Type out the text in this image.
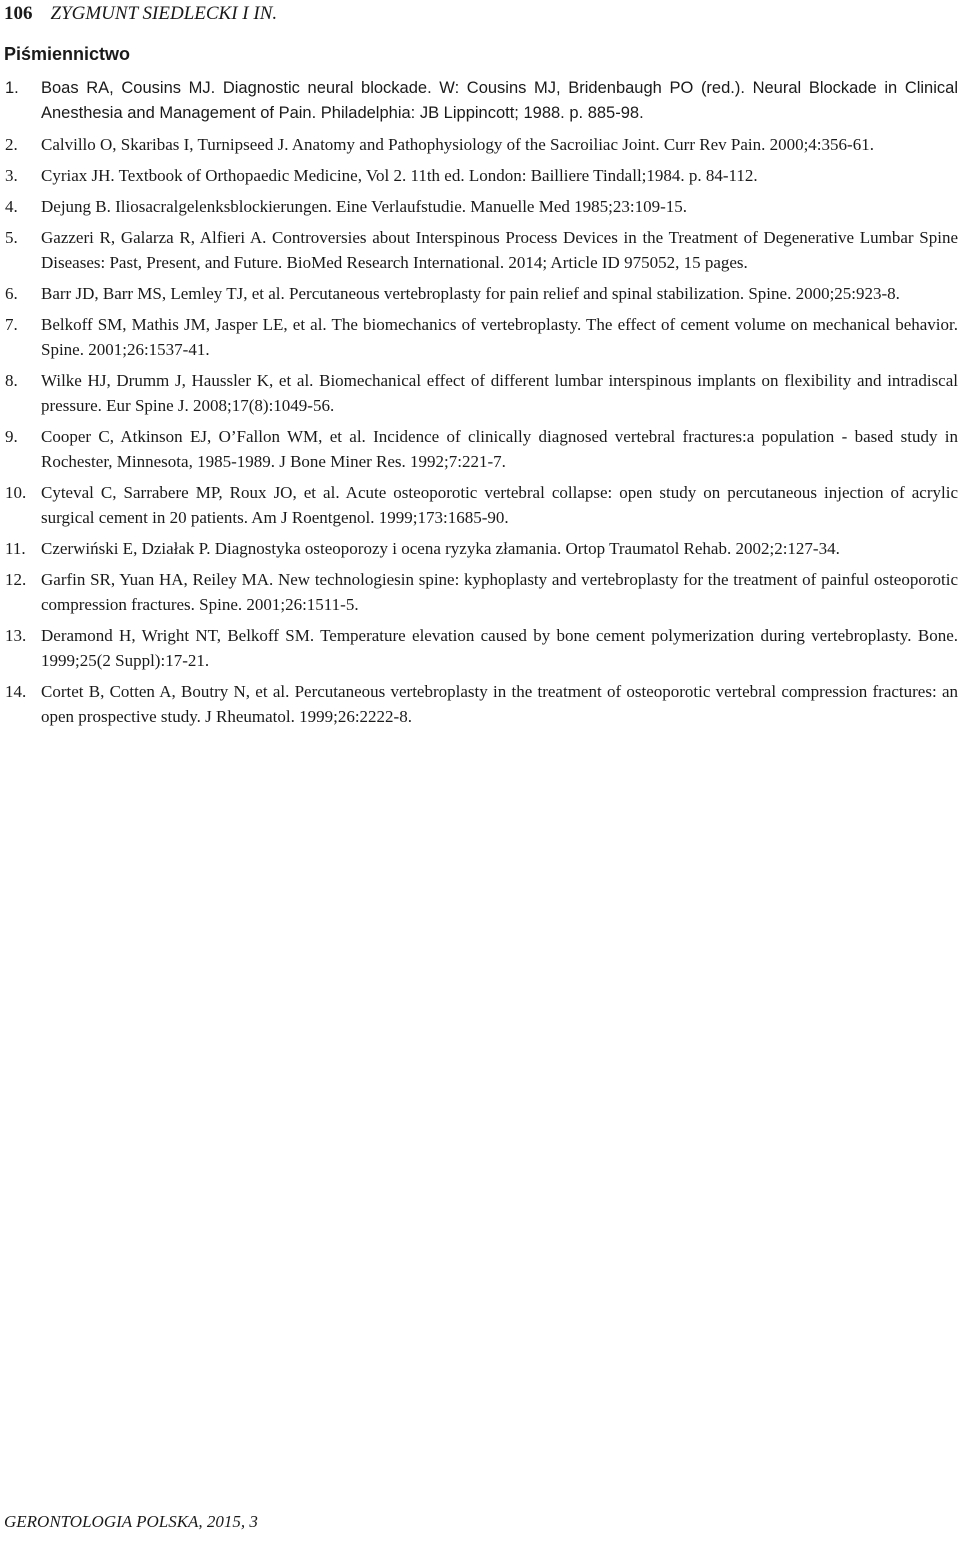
106 ZYGMUNT SIEDLECKI I IN.
Piśmiennictwo
1. Boas RA, Cousins MJ. Diagnostic neural blockade. W: Cousins MJ, Bridenbaugh PO (red.). Neural Blockade in Clinical Anesthesia and Management of Pain. Philadelphia: JB Lippincott; 1988. p. 885-98.
2. Calvillo O, Skaribas I, Turnipseed J. Anatomy and Pathophysiology of the Sacroiliac Joint. Curr Rev Pain. 2000;4:356-61.
3. Cyriax JH. Textbook of Orthopaedic Medicine, Vol 2. 11th ed. London: Bailliere Tindall;1984. p. 84-112.
4. Dejung B. Iliosacralgelenksblockierungen. Eine Verlaufstudie. Manuelle Med 1985;23:109-15.
5. Gazzeri R, Galarza R, Alfieri A. Controversies about Interspinous Process Devices in the Treatment of Degenerative Lumbar Spine Diseases: Past, Present, and Future. BioMed Research International. 2014; Article ID 975052, 15 pages.
6. Barr JD, Barr MS, Lemley TJ, et al. Percutaneous vertebroplasty for pain relief and spinal stabilization. Spine. 2000;25:923-8.
7. Belkoff SM, Mathis JM, Jasper LE, et al. The biomechanics of vertebroplasty. The effect of cement volume on mechanical behavior. Spine. 2001;26:1537-41.
8. Wilke HJ, Drumm J, Haussler K, et al. Biomechanical effect of different lumbar interspinous implants on flexibility and intradiscal pressure. Eur Spine J. 2008;17(8):1049-56.
9. Cooper C, Atkinson EJ, O’Fallon WM, et al. Incidence of clinically diagnosed vertebral fractures:a population - based study in Rochester, Minnesota, 1985-1989. J Bone Miner Res. 1992;7:221-7.
10. Cyteval C, Sarrabere MP, Roux JO, et al. Acute osteoporotic vertebral collapse: open study on percutaneous injection of acrylic surgical cement in 20 patients. Am J Roentgenol. 1999;173:1685-90.
11. Czerwiński E, Działak P. Diagnostyka osteoporozy i ocena ryzyka złamania. Ortop Traumatol Rehab. 2002;2:127-34.
12. Garfin SR, Yuan HA, Reiley MA. New technologiesin spine: kyphoplasty and vertebroplasty for the treatment of painful osteoporotic compression fractures. Spine. 2001;26:1511-5.
13. Deramond H, Wright NT, Belkoff SM. Temperature elevation caused by bone cement polymerization during vertebroplasty. Bone. 1999;25(2 Suppl):17-21.
14. Cortet B, Cotten A, Boutry N, et al. Percutaneous vertebroplasty in the treatment of osteoporotic vertebral compression fractures: an open prospective study. J Rheumatol. 1999;26:2222-8.
GERONTOLOGIA POLSKA, 2015, 3
